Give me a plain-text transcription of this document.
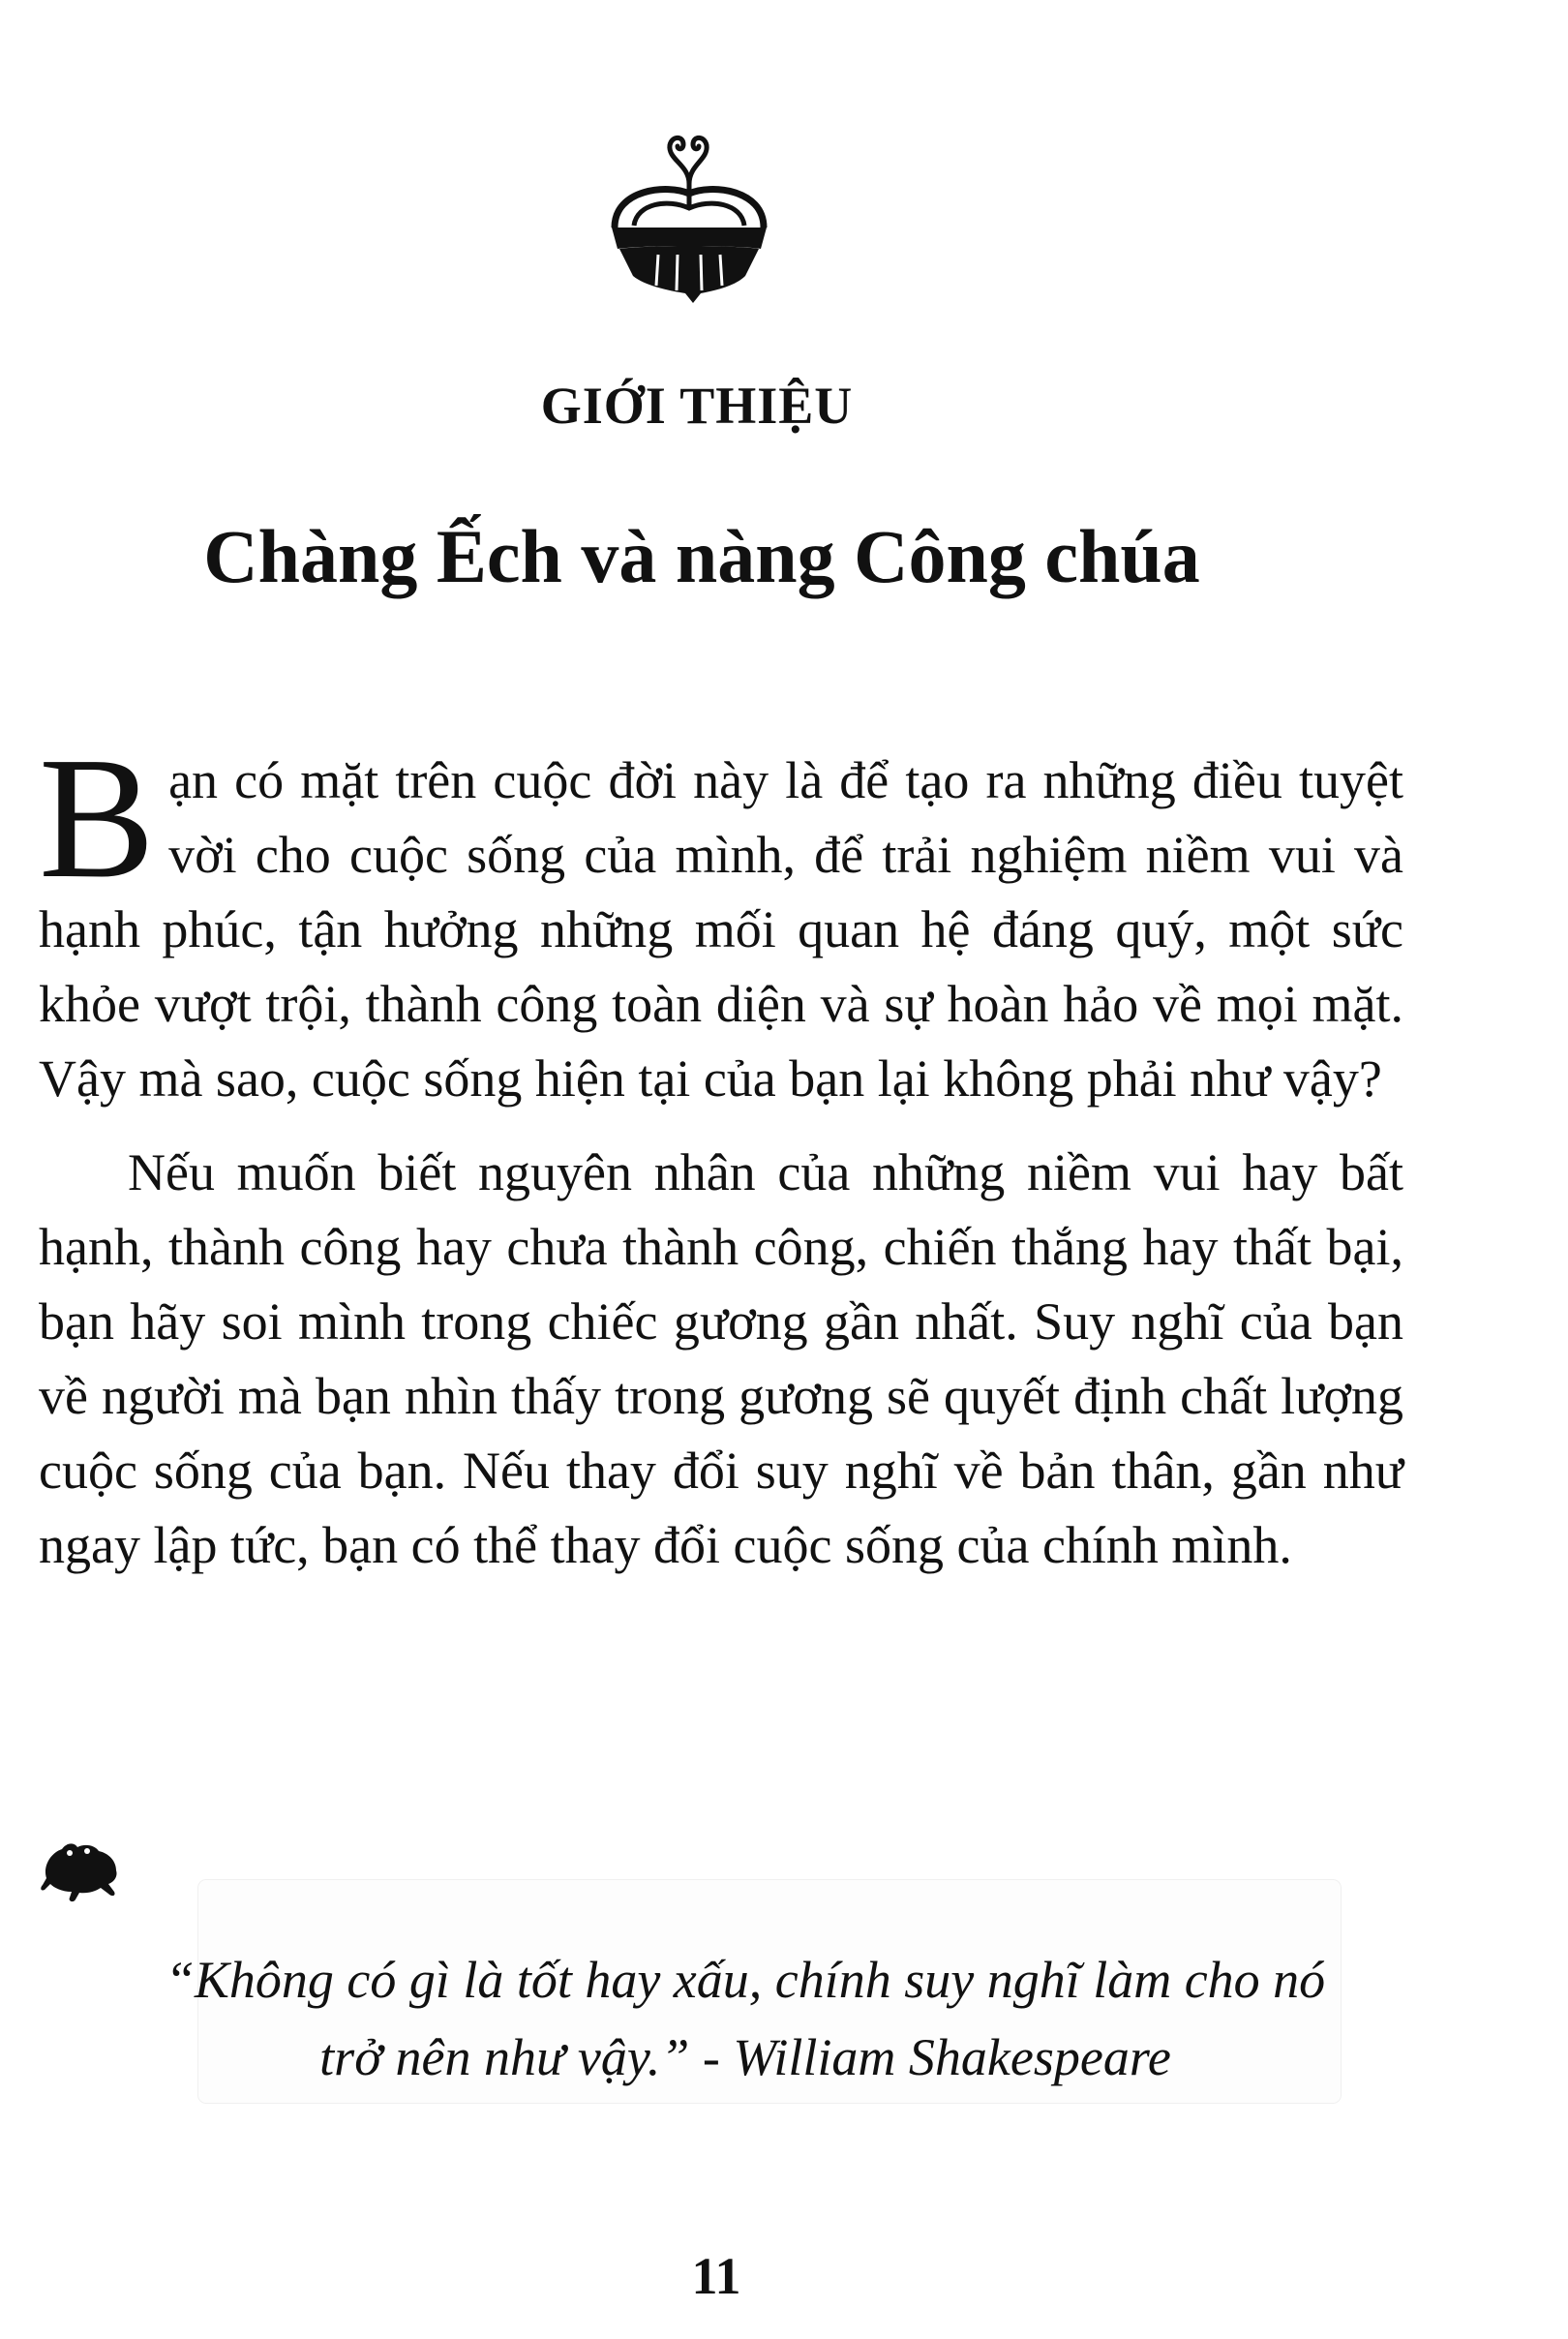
GIỚI THIỆU
Chàng Ếch và nàng Công chúa

Bạn có mặt trên cuộc đời này là để tạo ra những điều tuyệt vời cho cuộc sống của mình, để trải nghiệm niềm vui và hạnh phúc, tận hưởng những mối quan hệ đáng quý, một sức khỏe vượt trội, thành công toàn diện và sự hoàn hảo về mọi mặt. Vậy mà sao, cuộc sống hiện tại của bạn lại không phải như vậy?

Nếu muốn biết nguyên nhân của những niềm vui hay bất hạnh, thành công hay chưa thành công, chiến thắng hay thất bại, bạn hãy soi mình trong chiếc gương gần nhất. Suy nghĩ của bạn về người mà bạn nhìn thấy trong gương sẽ quyết định chất lượng cuộc sống của bạn. Nếu thay đổi suy nghĩ về bản thân, gần như ngay lập tức, bạn có thể thay đổi cuộc sống của chính mình.

“Không có gì là tốt hay xấu, chính suy nghĩ làm cho nó
trở nên như vậy.” - William Shakespeare
11
